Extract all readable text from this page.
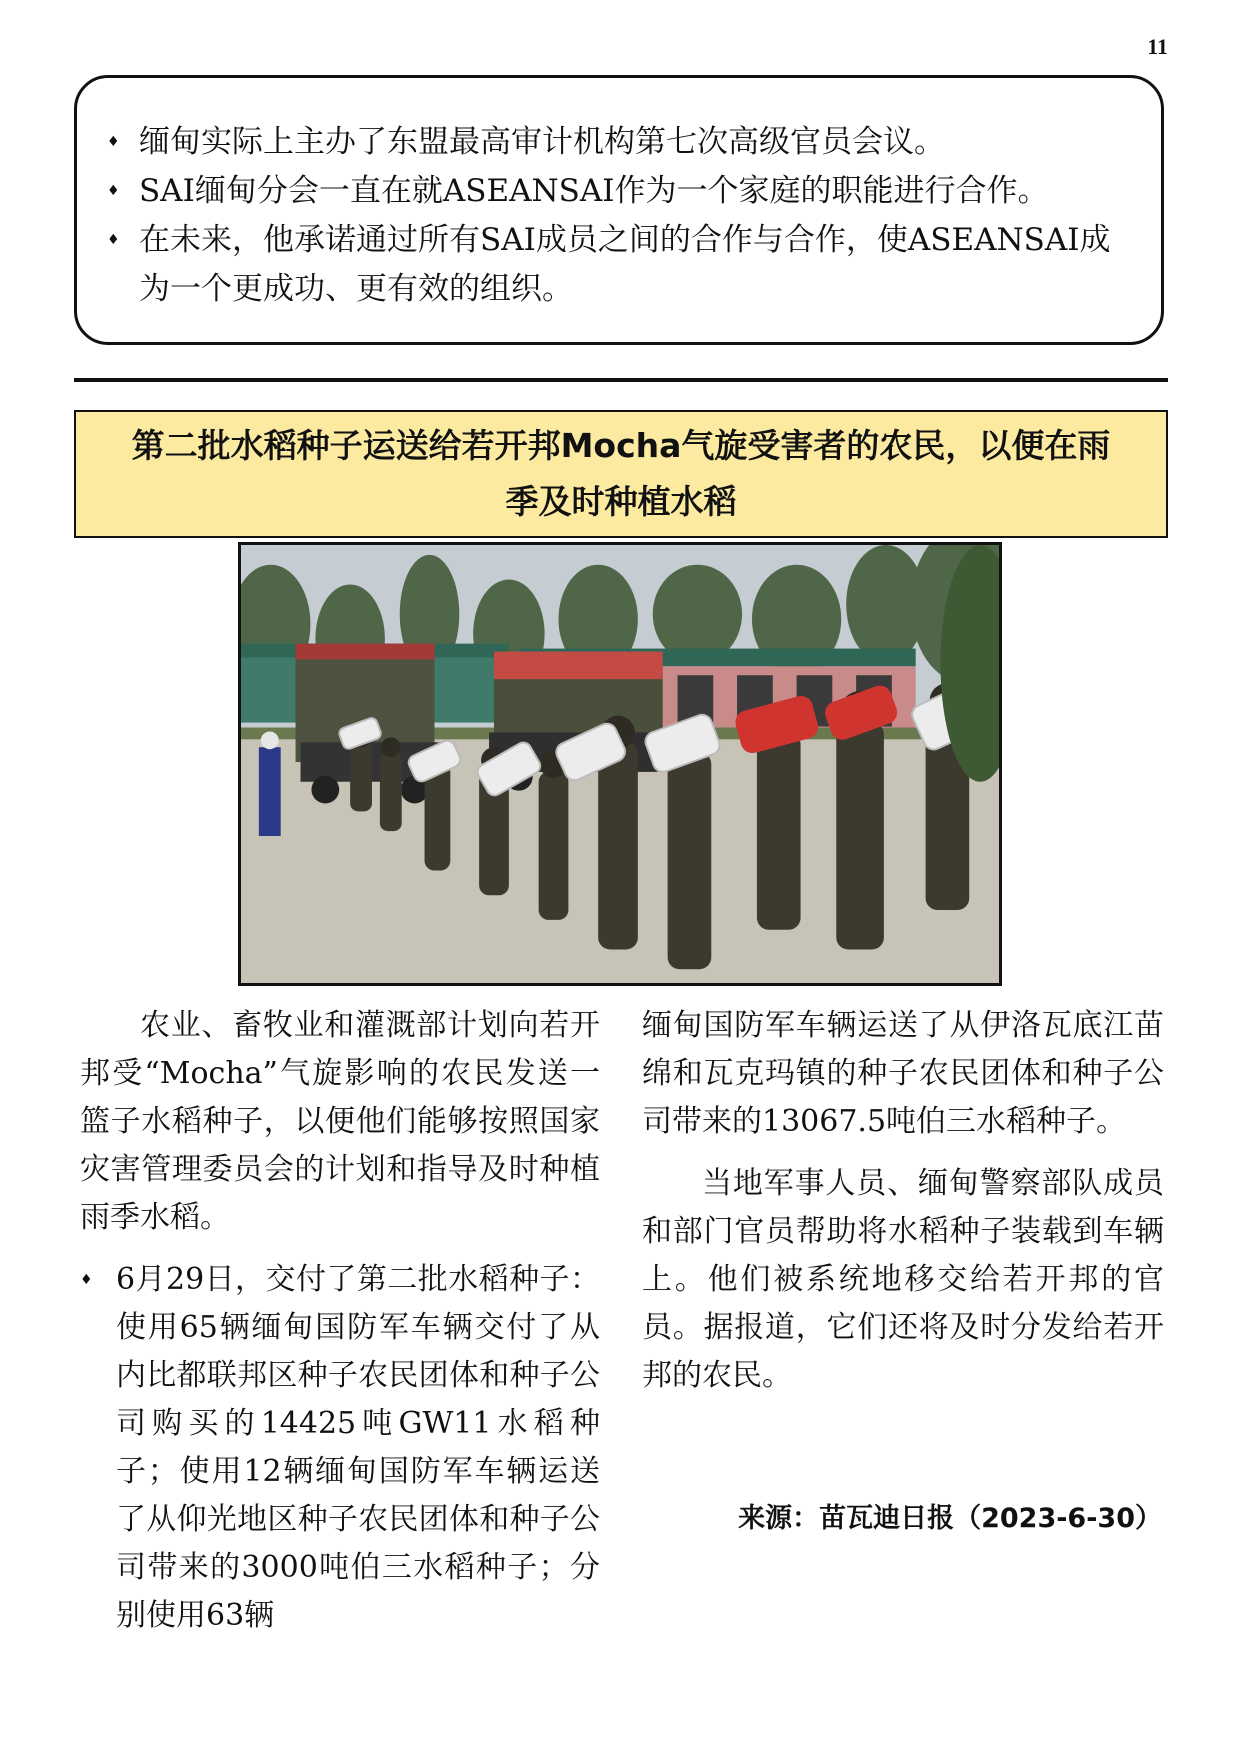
11
♦ 缅甸实际上主办了东盟最高审计机构第七次高级官员会议。
♦ SAI缅甸分会一直在就ASEANSAI作为一个家庭的职能进行合作。
♦ 在未来，他承诺通过所有SAI成员之间的合作与合作，使ASEANSAI成为一个更成功、更有效的组织。
第二批水稻种子运送给若开邦Mocha气旋受害者的农民，以便在雨
季及时种植水稻

农业、畜牧业和灌溉部计划向若开邦受“Mocha”气旋影响的农民发送一篮子水稻种子，以便他们能够按照国家灾害管理委员会的计划和指导及时种植雨季水稻。

♦ 6月29日，交付了第二批水稻种子：使用65辆缅甸国防军车辆交付了从内比都联邦区种子农民团体和种子公司购买的14425吨GW11水稻种子；使用12辆缅甸国防军车辆运送了从仰光地区种子农民团体和种子公司带来的3000吨伯三水稻种子；分别使用63辆

缅甸国防军车辆运送了从伊洛瓦底江苗绵和瓦克玛镇的种子农民团体和种子公司带来的13067.5吨伯三水稻种子。

当地军事人员、缅甸警察部队成员和部门官员帮助将水稻种子装载到车辆上。他们被系统地移交给若开邦的官员。据报道，它们还将及时分发给若开邦的农民。

来源：苗瓦迪日报（2023-6-30）
